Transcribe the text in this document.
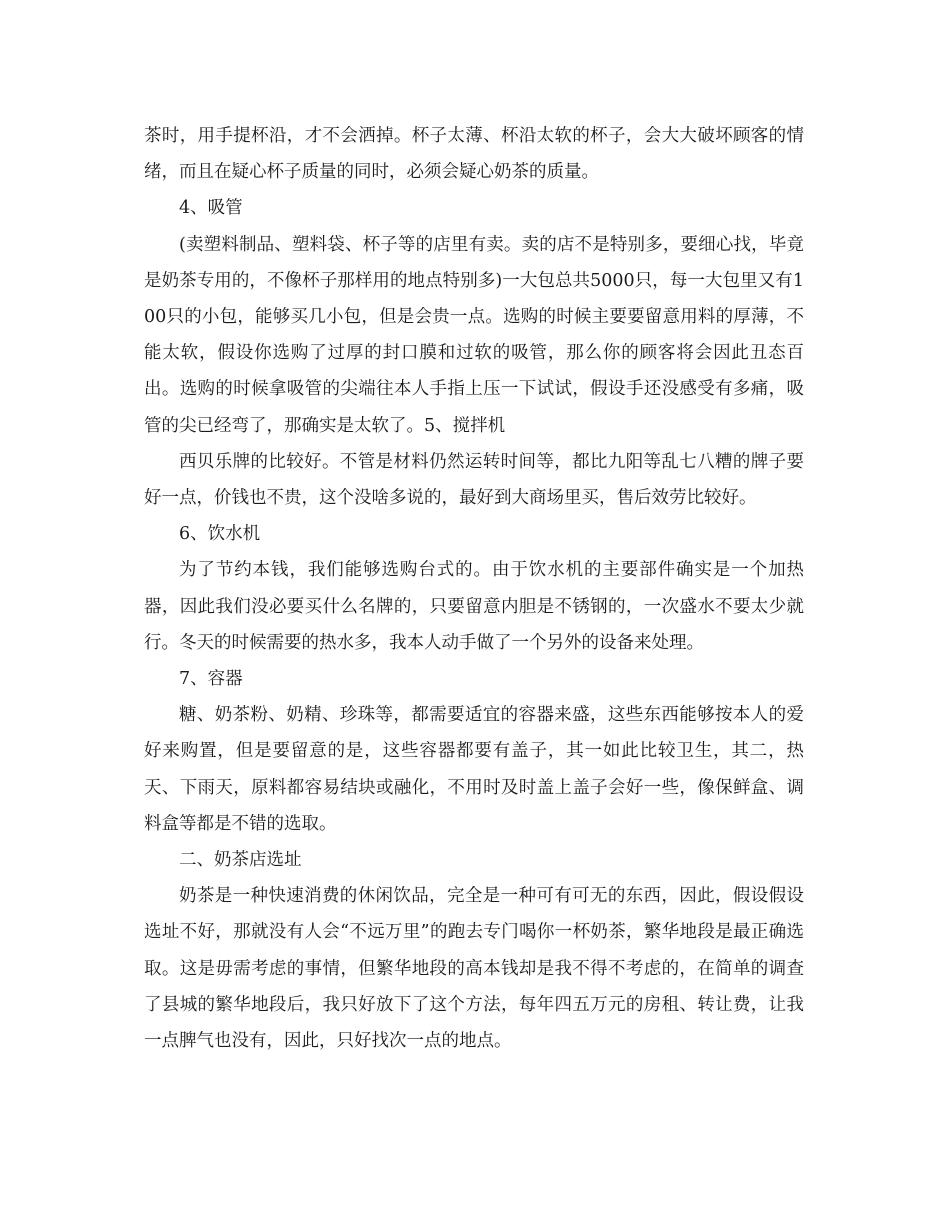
茶时，用手提杯沿，才不会洒掉。杯子太薄、杯沿太软的杯子，会大大破坏顾客的情绪，而且在疑心杯子质量的同时，必须会疑心奶茶的质量。

4、吸管

(卖塑料制品、塑料袋、杯子等的店里有卖。卖的店不是特别多，要细心找，毕竟是奶茶专用的，不像杯子那样用的地点特别多)一大包总共5000只，每一大包里又有100只的小包，能够买几小包，但是会贵一点。选购的时候主要要留意用料的厚薄，不能太软，假设你选购了过厚的封口膜和过软的吸管，那么你的顾客将会因此丑态百出。选购的时候拿吸管的尖端往本人手指上压一下试试，假设手还没感受有多痛，吸管的尖已经弯了，那确实是太软了。5、搅拌机

西贝乐牌的比较好。不管是材料仍然运转时间等，都比九阳等乱七八糟的牌子要好一点，价钱也不贵，这个没啥多说的，最好到大商场里买，售后效劳比较好。

6、饮水机

为了节约本钱，我们能够选购台式的。由于饮水机的主要部件确实是一个加热器，因此我们没必要买什么名牌的，只要留意内胆是不锈钢的，一次盛水不要太少就行。冬天的时候需要的热水多，我本人动手做了一个另外的设备来处理。

7、容器

糖、奶茶粉、奶精、珍珠等，都需要适宜的容器来盛，这些东西能够按本人的爱好来购置，但是要留意的是，这些容器都要有盖子，其一如此比较卫生，其二，热天、下雨天，原料都容易结块或融化，不用时及时盖上盖子会好一些，像保鲜盒、调料盒等都是不错的选取。

二、奶茶店选址

奶茶是一种快速消费的休闲饮品，完全是一种可有可无的东西，因此，假设假设选址不好，那就没有人会“不远万里”的跑去专门喝你一杯奶茶，繁华地段是最正确选取。这是毋需考虑的事情，但繁华地段的高本钱却是我不得不考虑的，在简单的调查了县城的繁华地段后，我只好放下了这个方法，每年四五万元的房租、转让费，让我一点脾气也没有，因此，只好找次一点的地点。
